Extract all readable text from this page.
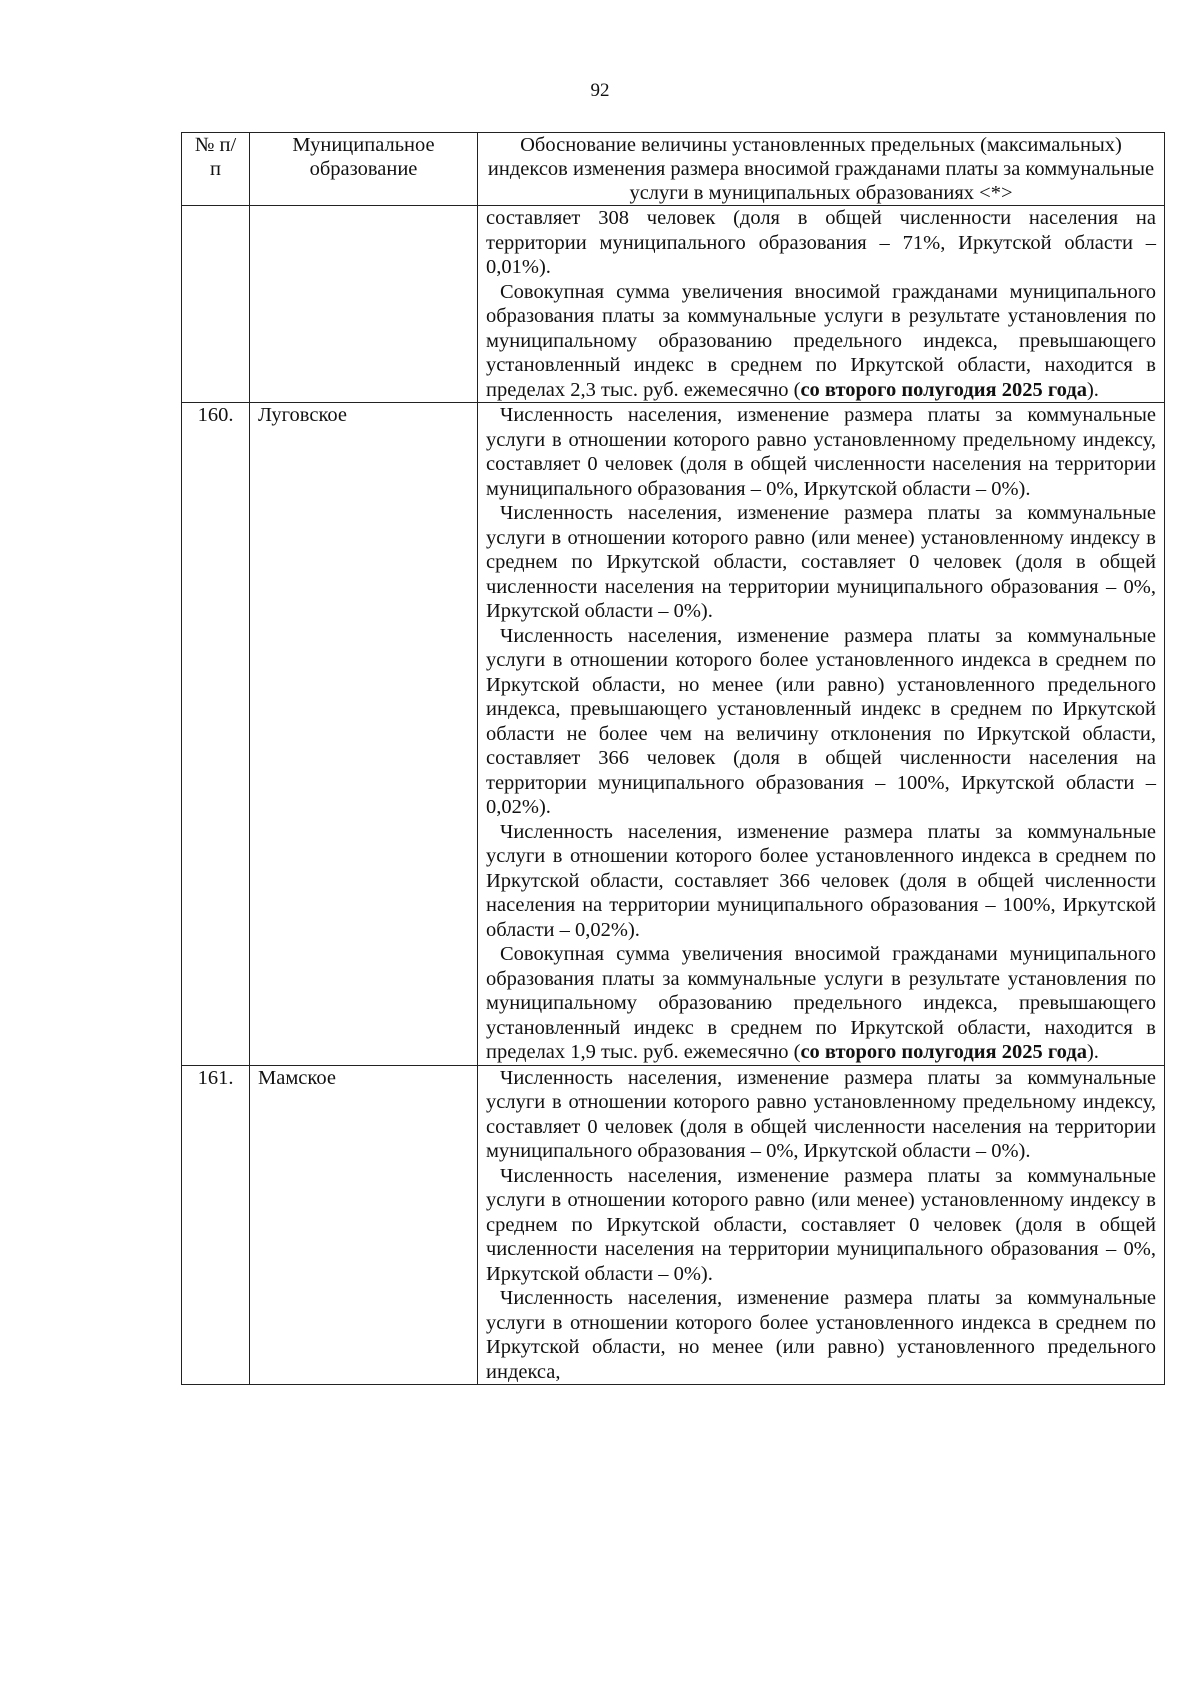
92
№ п/п	Муниципальное образование	Обоснование величины установленных предельных (максимальных) индексов изменения размера вносимой гражданами платы за коммунальные услуги в муниципальных образованиях <*>

		составляет 308 человек (доля в общей численности населения на территории муниципального образования – 71%, Иркутской области – 0,01%).

Совокупная сумма увеличения вносимой гражданами муниципального образования платы за коммунальные услуги в результате установления по муниципальному образованию предельного индекса, превышающего установленный индекс в среднем по Иркутской области, находится в пределах 2,3 тыс. руб. ежемесячно (со второго полугодия 2025 года).

160.	Луговское	Численность населения, изменение размера платы за коммунальные услуги в отношении которого равно установленному предельному индексу, составляет 0 человек (доля в общей численности населения на территории муниципального образования – 0%, Иркутской области – 0%).

Численность населения, изменение размера платы за коммунальные услуги в отношении которого равно (или менее) установленному индексу в среднем по Иркутской области, составляет 0 человек (доля в общей численности населения на территории муниципального образования – 0%, Иркутской области – 0%).

Численность населения, изменение размера платы за коммунальные услуги в отношении которого более установленного индекса в среднем по Иркутской области, но менее (или равно) установленного предельного индекса, превышающего установленный индекс в среднем по Иркутской области не более чем на величину отклонения по Иркутской области, составляет 366 человек (доля в общей численности населения на территории муниципального образования – 100%, Иркутской области – 0,02%).

Численность населения, изменение размера платы за коммунальные услуги в отношении которого более установленного индекса в среднем по Иркутской области, составляет 366 человек (доля в общей численности населения на территории муниципального образования – 100%, Иркутской области – 0,02%).

Совокупная сумма увеличения вносимой гражданами муниципального образования платы за коммунальные услуги в результате установления по муниципальному образованию предельного индекса, превышающего установленный индекс в среднем по Иркутской области, находится в пределах 1,9 тыс. руб. ежемесячно (со второго полугодия 2025 года).

161.	Мамское	Численность населения, изменение размера платы за коммунальные услуги в отношении которого равно установленному предельному индексу, составляет 0 человек (доля в общей численности населения на территории муниципального образования – 0%, Иркутской области – 0%).

Численность населения, изменение размера платы за коммунальные услуги в отношении которого равно (или менее) установленному индексу в среднем по Иркутской области, составляет 0 человек (доля в общей численности населения на территории муниципального образования – 0%, Иркутской области – 0%).

Численность населения, изменение размера платы за коммунальные услуги в отношении которого более установленного индекса в среднем по Иркутской области, но менее (или равно) установленного предельного индекса,
